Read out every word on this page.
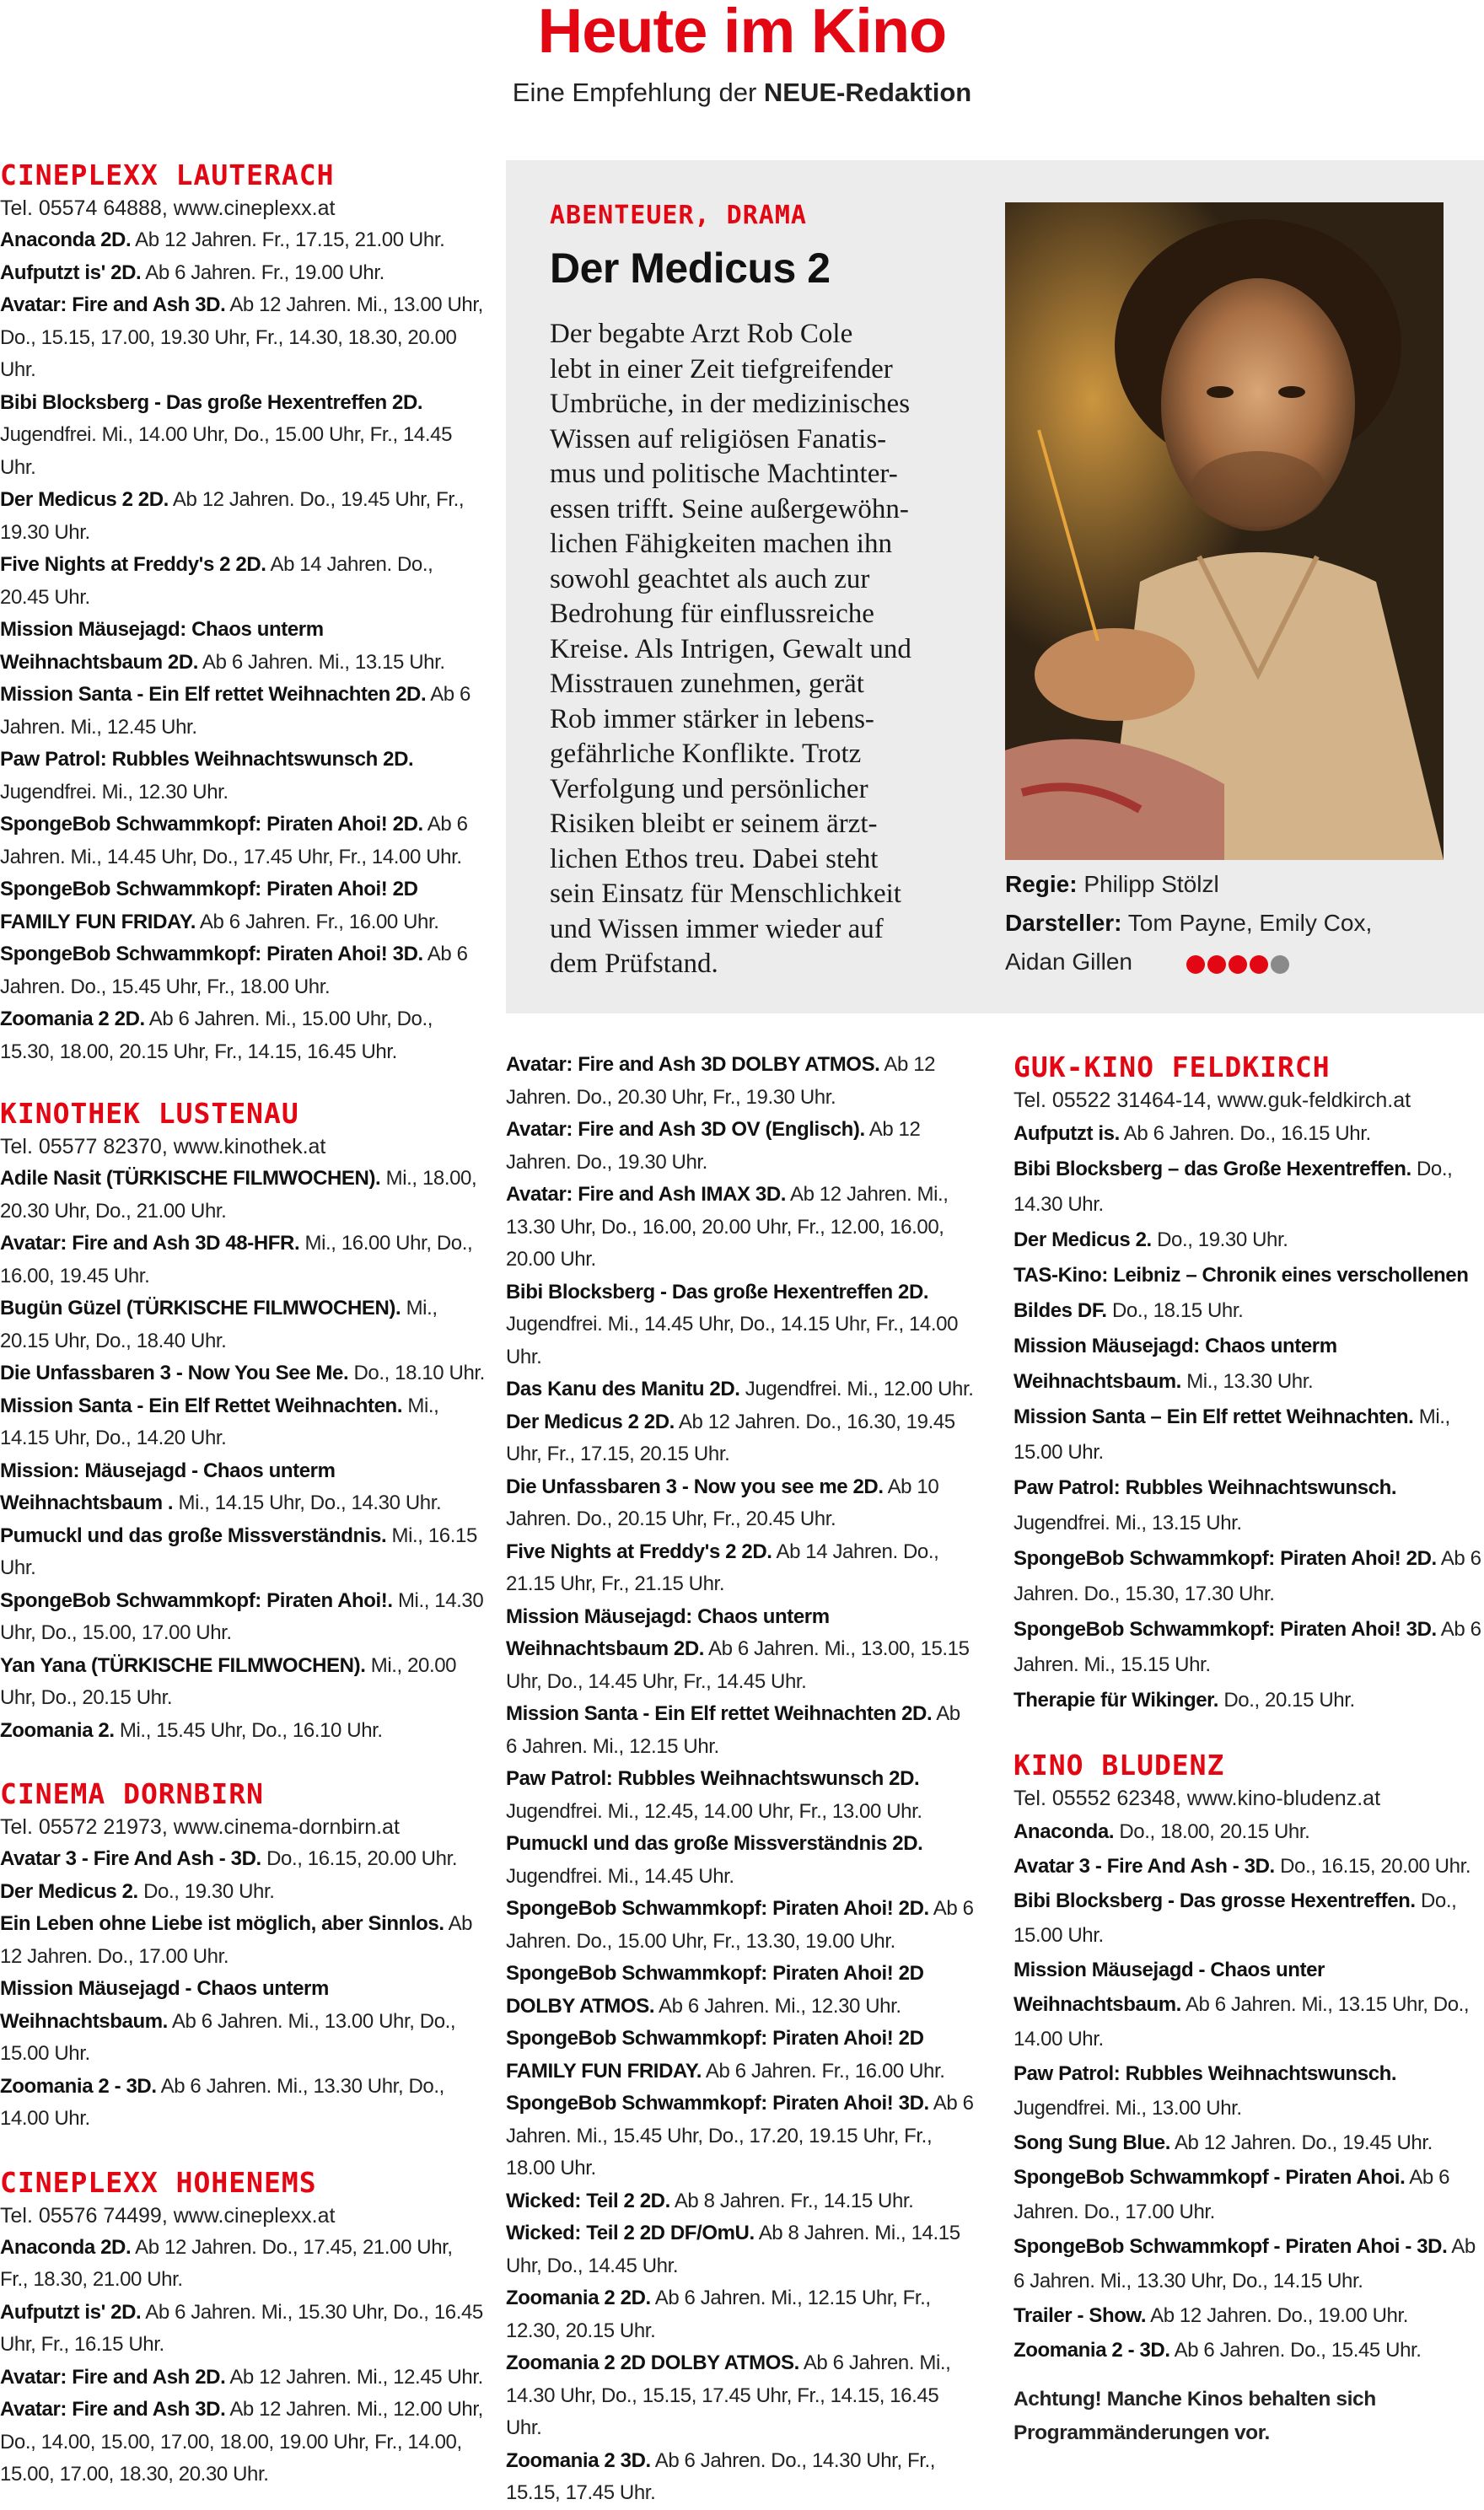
Heute im Kino
Eine Empfehlung der NEUE-Redaktion
CINEPLEXX LAUTERACH

Tel. 05574 64888, www.cineplexx.at

Anaconda 2D. Ab 12 Jahren. Fr., 17.15, 21.00 Uhr.
Aufputzt is' 2D. Ab 6 Jahren. Fr., 19.00 Uhr.
Avatar: Fire and Ash 3D. Ab 12 Jahren. Mi., 13.00 Uhr, Do., 15.15, 17.00, 19.30 Uhr, Fr., 14.30, 18.30, 20.00 Uhr.
Bibi Blocksberg - Das große Hexentreffen 2D. Jugendfrei. Mi., 14.00 Uhr, Do., 15.00 Uhr, Fr., 14.45 Uhr.
Der Medicus 2 2D. Ab 12 Jahren. Do., 19.45 Uhr, Fr., 19.30 Uhr.
Five Nights at Freddy's 2 2D. Ab 14 Jahren. Do., 20.45 Uhr.
Mission Mäusejagd: Chaos unterm Weihnachtsbaum 2D. Ab 6 Jahren. Mi., 13.15 Uhr.
Mission Santa - Ein Elf rettet Weihnachten 2D. Ab 6 Jahren. Mi., 12.45 Uhr.
Paw Patrol: Rubbles Weihnachtswunsch 2D. Jugendfrei. Mi., 12.30 Uhr.
SpongeBob Schwammkopf: Piraten Ahoi! 2D. Ab 6 Jahren. Mi., 14.45 Uhr, Do., 17.45 Uhr, Fr., 14.00 Uhr.
SpongeBob Schwammkopf: Piraten Ahoi! 2D FAMILY FUN FRIDAY. Ab 6 Jahren. Fr., 16.00 Uhr.
SpongeBob Schwammkopf: Piraten Ahoi! 3D. Ab 6 Jahren. Do., 15.45 Uhr, Fr., 18.00 Uhr.
Zoomania 2 2D. Ab 6 Jahren. Mi., 15.00 Uhr, Do., 15.30, 18.00, 20.15 Uhr, Fr., 14.15, 16.45 Uhr.
KINOTHEK LUSTENAU

Tel. 05577 82370, www.kinothek.at

Adile Nasit (TÜRKISCHE FILMWOCHEN). Mi., 18.00, 20.30 Uhr, Do., 21.00 Uhr.
Avatar: Fire and Ash 3D 48-HFR. Mi., 16.00 Uhr, Do., 16.00, 19.45 Uhr.
Bugün Güzel (TÜRKISCHE FILMWOCHEN). Mi., 20.15 Uhr, Do., 18.40 Uhr.
Die Unfassbaren 3 - Now You See Me. Do., 18.10 Uhr.
Mission Santa - Ein Elf Rettet Weihnachten. Mi., 14.15 Uhr, Do., 14.20 Uhr.
Mission: Mäusejagd - Chaos unterm Weihnachtsbaum . Mi., 14.15 Uhr, Do., 14.30 Uhr.
Pumuckl und das große Missverständnis. Mi., 16.15 Uhr.
SpongeBob Schwammkopf: Piraten Ahoi!. Mi., 14.30 Uhr, Do., 15.00, 17.00 Uhr.
Yan Yana (TÜRKISCHE FILMWOCHEN). Mi., 20.00 Uhr, Do., 20.15 Uhr.
Zoomania 2. Mi., 15.45 Uhr, Do., 16.10 Uhr.
CINEMA DORNBIRN

Tel. 05572 21973, www.cinema-dornbirn.at

Avatar 3 - Fire And Ash - 3D. Do., 16.15, 20.00 Uhr.
Der Medicus 2. Do., 19.30 Uhr.
Ein Leben ohne Liebe ist möglich, aber Sinnlos. Ab 12 Jahren. Do., 17.00 Uhr.
Mission Mäusejagd - Chaos unterm Weihnachtsbaum. Ab 6 Jahren. Mi., 13.00 Uhr, Do., 15.00 Uhr.
Zoomania 2 - 3D. Ab 6 Jahren. Mi., 13.30 Uhr, Do., 14.00 Uhr.
CINEPLEXX HOHENEMS

Tel. 05576 74499, www.cineplexx.at

Anaconda 2D. Ab 12 Jahren. Do., 17.45, 21.00 Uhr, Fr., 18.30, 21.00 Uhr.
Aufputzt is' 2D. Ab 6 Jahren. Mi., 15.30 Uhr, Do., 16.45 Uhr, Fr., 16.15 Uhr.
Avatar: Fire and Ash 2D. Ab 12 Jahren. Mi., 12.45 Uhr.
Avatar: Fire and Ash 3D. Ab 12 Jahren. Mi., 12.00 Uhr, Do., 14.00, 15.00, 17.00, 18.00, 19.00 Uhr, Fr., 14.00, 15.00, 17.00, 18.30, 20.30 Uhr.

ABENTEUER, DRAMA

Der Medicus 2
Der begabte Arzt Rob Cole
lebt in einer Zeit tiefgreifender
Umbrüche, in der medizinisches
Wissen auf religiösen Fanatis-
mus und politische Machtinter-
essen trifft. Seine außergewöhn-
lichen Fähigkeiten machen ihn
sowohl geachtet als auch zur
Bedrohung für einflussreiche
Kreise. Als Intrigen, Gewalt und
Misstrauen zunehmen, gerät
Rob immer stärker in lebens-
gefährliche Konflikte. Trotz
Verfolgung und persönlicher
Risiken bleibt er seinem ärzt-
lichen Ethos treu. Dabei steht
sein Einsatz für Menschlichkeit
und Wissen immer wieder auf
dem Prüfstand.
Regie: Philipp Stölzl
Darsteller: Tom Payne, Emily Cox,
Aidan Gillen
Avatar: Fire and Ash 3D DOLBY ATMOS. Ab 12 Jahren. Do., 20.30 Uhr, Fr., 19.30 Uhr.
Avatar: Fire and Ash 3D OV (Englisch). Ab 12 Jahren. Do., 19.30 Uhr.
Avatar: Fire and Ash IMAX 3D. Ab 12 Jahren. Mi., 13.30 Uhr, Do., 16.00, 20.00 Uhr, Fr., 12.00, 16.00, 20.00 Uhr.
Bibi Blocksberg - Das große Hexentreffen 2D. Jugendfrei. Mi., 14.45 Uhr, Do., 14.15 Uhr, Fr., 14.00 Uhr.
Das Kanu des Manitu 2D. Jugendfrei. Mi., 12.00 Uhr.
Der Medicus 2 2D. Ab 12 Jahren. Do., 16.30, 19.45 Uhr, Fr., 17.15, 20.15 Uhr.
Die Unfassbaren 3 - Now you see me 2D. Ab 10 Jahren. Do., 20.15 Uhr, Fr., 20.45 Uhr.
Five Nights at Freddy's 2 2D. Ab 14 Jahren. Do., 21.15 Uhr, Fr., 21.15 Uhr.
Mission Mäusejagd: Chaos unterm Weihnachtsbaum 2D. Ab 6 Jahren. Mi., 13.00, 15.15 Uhr, Do., 14.45 Uhr, Fr., 14.45 Uhr.
Mission Santa - Ein Elf rettet Weihnachten 2D. Ab 6 Jahren. Mi., 12.15 Uhr.
Paw Patrol: Rubbles Weihnachtswunsch 2D. Jugendfrei. Mi., 12.45, 14.00 Uhr, Fr., 13.00 Uhr.
Pumuckl und das große Missverständnis 2D. Jugendfrei. Mi., 14.45 Uhr.
SpongeBob Schwammkopf: Piraten Ahoi! 2D. Ab 6 Jahren. Do., 15.00 Uhr, Fr., 13.30, 19.00 Uhr.
SpongeBob Schwammkopf: Piraten Ahoi! 2D DOLBY ATMOS. Ab 6 Jahren. Mi., 12.30 Uhr.
SpongeBob Schwammkopf: Piraten Ahoi! 2D FAMILY FUN FRIDAY. Ab 6 Jahren. Fr., 16.00 Uhr.
SpongeBob Schwammkopf: Piraten Ahoi! 3D. Ab 6 Jahren. Mi., 15.45 Uhr, Do., 17.20, 19.15 Uhr, Fr., 18.00 Uhr.
Wicked: Teil 2 2D. Ab 8 Jahren. Fr., 14.15 Uhr.
Wicked: Teil 2 2D DF/OmU. Ab 8 Jahren. Mi., 14.15 Uhr, Do., 14.45 Uhr.
Zoomania 2 2D. Ab 6 Jahren. Mi., 12.15 Uhr, Fr., 12.30, 20.15 Uhr.
Zoomania 2 2D DOLBY ATMOS. Ab 6 Jahren. Mi., 14.30 Uhr, Do., 15.15, 17.45 Uhr, Fr., 14.15, 16.45 Uhr.
Zoomania 2 3D. Ab 6 Jahren. Do., 14.30 Uhr, Fr., 15.15, 17.45 Uhr.
GUK-KINO FELDKIRCH

Tel. 05522 31464-14, www.guk-feldkirch.at

Aufputzt is. Ab 6 Jahren. Do., 16.15 Uhr.
Bibi Blocksberg – das Große Hexentreffen. Do., 14.30 Uhr.
Der Medicus 2. Do., 19.30 Uhr.
TAS-Kino: Leibniz – Chronik eines verschollenen Bildes DF. Do., 18.15 Uhr.
Mission Mäusejagd: Chaos unterm Weihnachtsbaum. Mi., 13.30 Uhr.
Mission Santa – Ein Elf rettet Weihnachten. Mi., 15.00 Uhr.
Paw Patrol: Rubbles Weihnachtswunsch. Jugendfrei. Mi., 13.15 Uhr.
SpongeBob Schwammkopf: Piraten Ahoi! 2D. Ab 6 Jahren. Do., 15.30, 17.30 Uhr.
SpongeBob Schwammkopf: Piraten Ahoi! 3D. Ab 6 Jahren. Mi., 15.15 Uhr.
Therapie für Wikinger. Do., 20.15 Uhr.
KINO BLUDENZ

Tel. 05552 62348, www.kino-bludenz.at

Anaconda. Do., 18.00, 20.15 Uhr.
Avatar 3 - Fire And Ash - 3D. Do., 16.15, 20.00 Uhr.
Bibi Blocksberg - Das grosse Hexentreffen. Do., 15.00 Uhr.
Mission Mäusejagd - Chaos unter Weihnachtsbaum. Ab 6 Jahren. Mi., 13.15 Uhr, Do., 14.00 Uhr.
Paw Patrol: Rubbles Weihnachtswunsch. Jugendfrei. Mi., 13.00 Uhr.
Song Sung Blue. Ab 12 Jahren. Do., 19.45 Uhr.
SpongeBob Schwammkopf - Piraten Ahoi. Ab 6 Jahren. Do., 17.00 Uhr.
SpongeBob Schwammkopf - Piraten Ahoi - 3D. Ab 6 Jahren. Mi., 13.30 Uhr, Do., 14.15 Uhr.
Trailer - Show. Ab 12 Jahren. Do., 19.00 Uhr.
Zoomania 2 - 3D. Ab 6 Jahren. Do., 15.45 Uhr.

Achtung! Manche Kinos behalten sich Programmänderungen vor.
